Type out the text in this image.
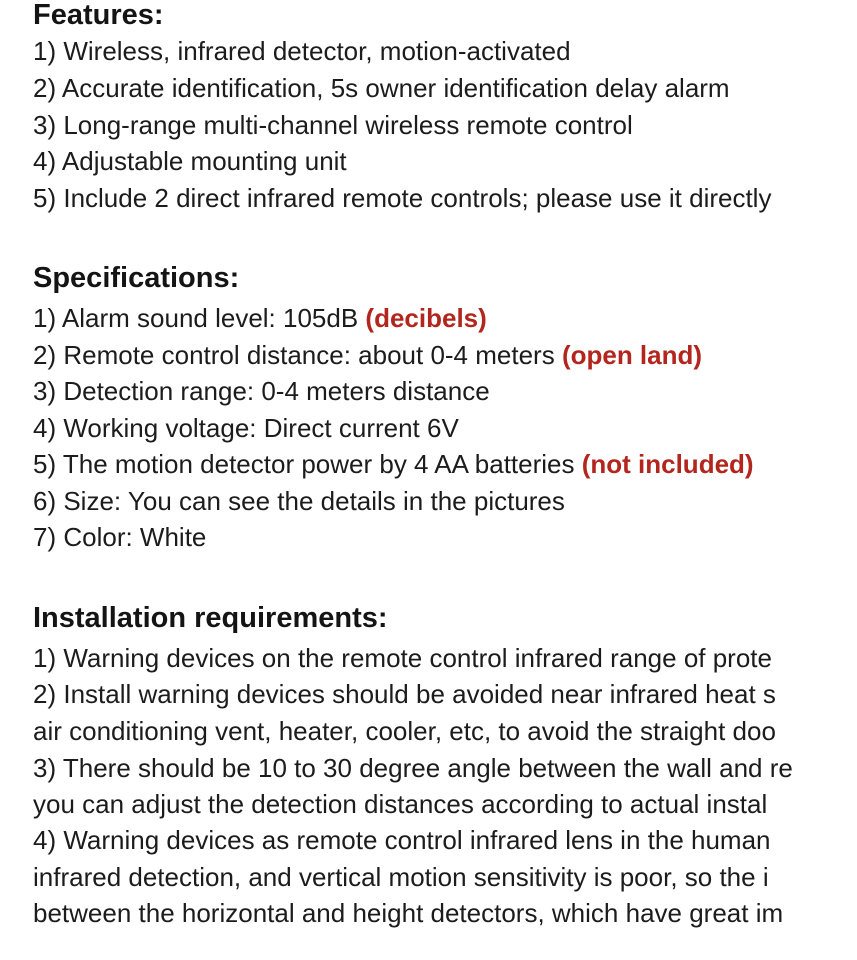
Features:
1) Wireless, infrared detector, motion-activated
2) Accurate identification, 5s owner identification delay alarm
3) Long-range multi-channel wireless remote control
4) Adjustable mounting unit
5) Include 2 direct infrared remote controls; please use it directly
Specifications:
1) Alarm sound level: 105dB (decibels)
2) Remote control distance: about 0-4 meters (open land)
3) Detection range: 0-4 meters distance
4) Working voltage: Direct current 6V
5) The motion detector power by 4 AA batteries (not included)
6) Size: You can see the details in the pictures
7) Color: White
Installation requirements:
1) Warning devices on the remote control infrared range of prote
2) Install warning devices should be avoided near infrared heat s
air conditioning vent, heater, cooler, etc, to avoid the straight doo
3) There should be 10 to 30 degree angle between the wall and re
you can adjust the detection distances according to actual instal
4) Warning devices as remote control infrared lens in the human
infrared detection, and vertical motion sensitivity is poor, so the i
between the horizontal and height detectors, which have great im
